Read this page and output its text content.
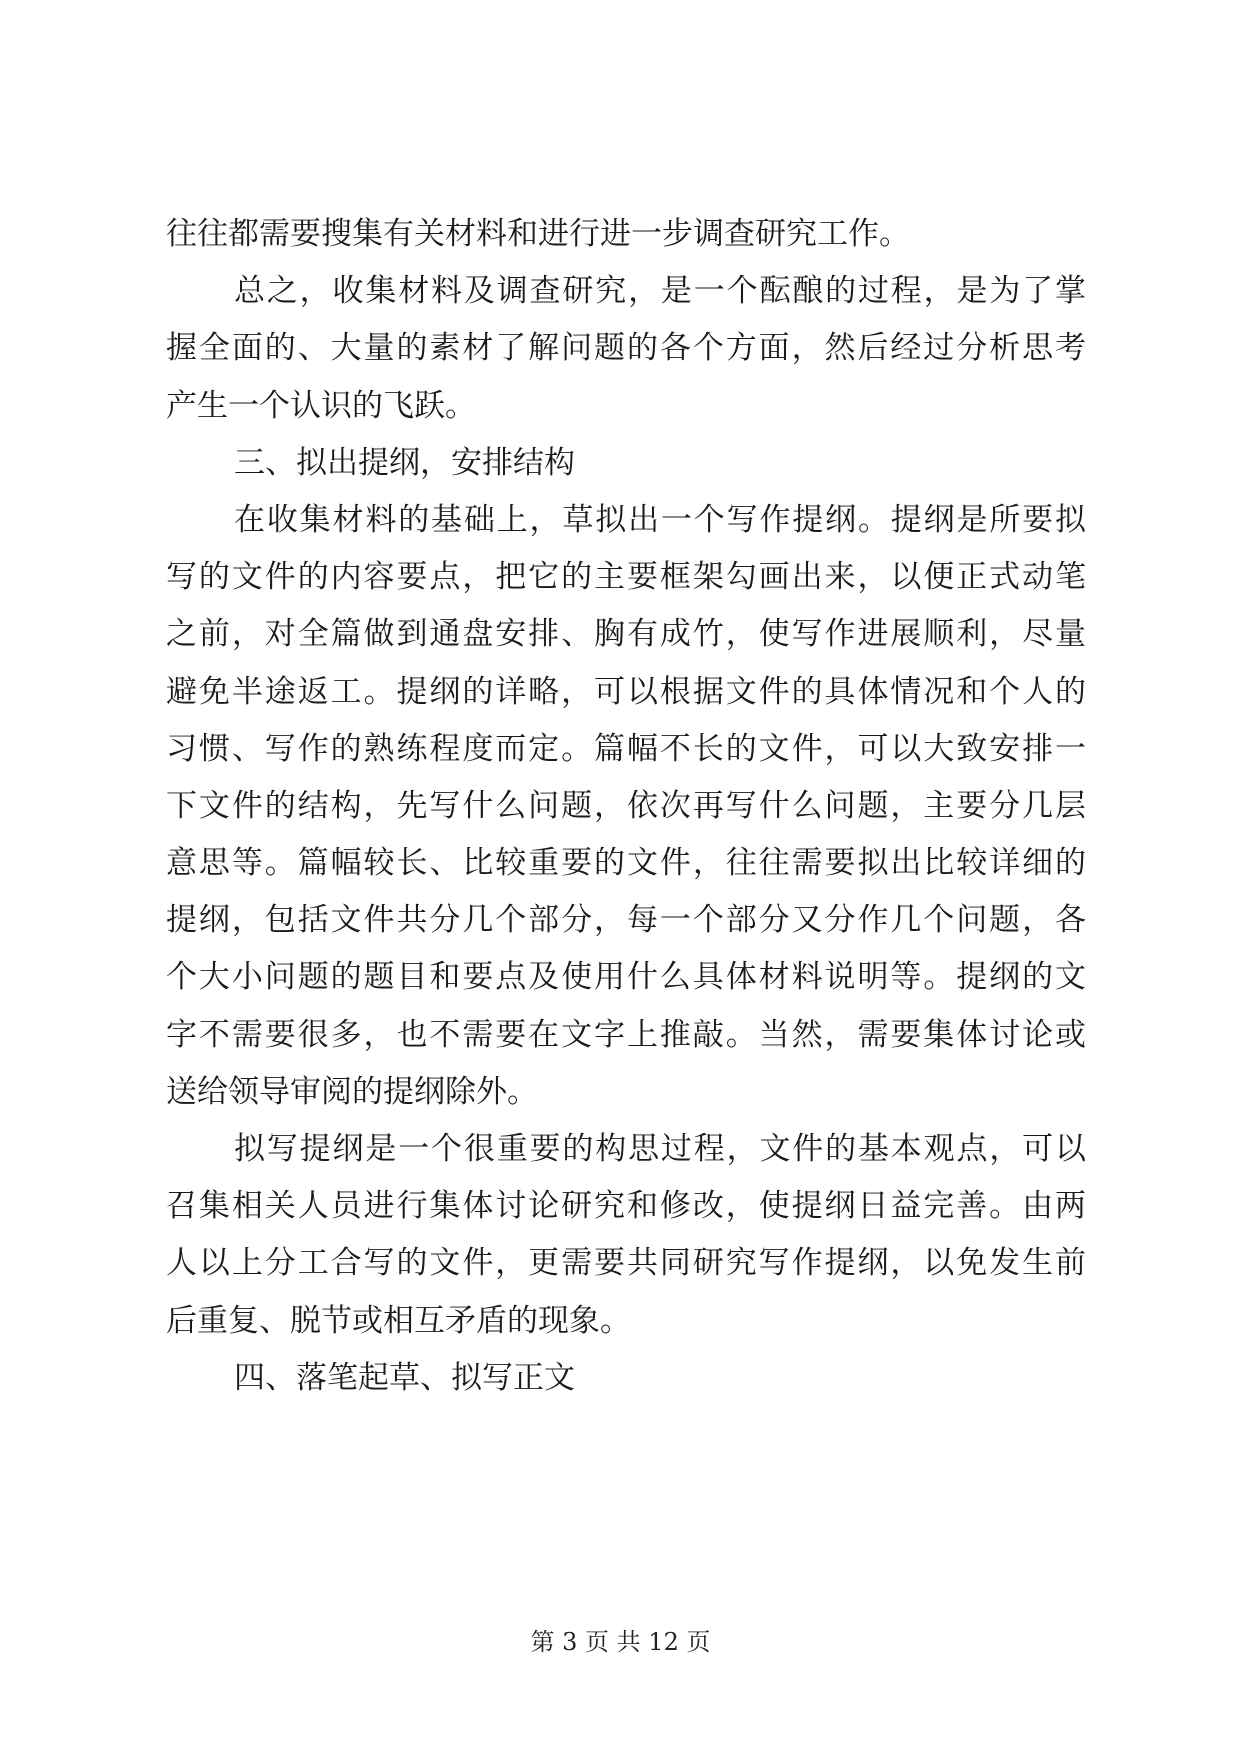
往往都需要搜集有关材料和进行进一步调查研究工作。
总之，收集材料及调查研究，是一个酝酿的过程，是为了掌
握全面的、大量的素材了解问题的各个方面，然后经过分析思考
产生一个认识的飞跃。
三、拟出提纲，安排结构
在收集材料的基础上，草拟出一个写作提纲。提纲是所要拟
写的文件的内容要点，把它的主要框架勾画出来，以便正式动笔
之前，对全篇做到通盘安排、胸有成竹，使写作进展顺利，尽量
避免半途返工。提纲的详略，可以根据文件的具体情况和个人的
习惯、写作的熟练程度而定。篇幅不长的文件，可以大致安排一
下文件的结构，先写什么问题，依次再写什么问题，主要分几层
意思等。篇幅较长、比较重要的文件，往往需要拟出比较详细的
提纲，包括文件共分几个部分，每一个部分又分作几个问题，各
个大小问题的题目和要点及使用什么具体材料说明等。提纲的文
字不需要很多，也不需要在文字上推敲。当然，需要集体讨论或
送给领导审阅的提纲除外。
拟写提纲是一个很重要的构思过程，文件的基本观点，可以
召集相关人员进行集体讨论研究和修改，使提纲日益完善。由两
人以上分工合写的文件，更需要共同研究写作提纲，以免发生前
后重复、脱节或相互矛盾的现象。
四、落笔起草、拟写正文
第 3 页 共 12 页
